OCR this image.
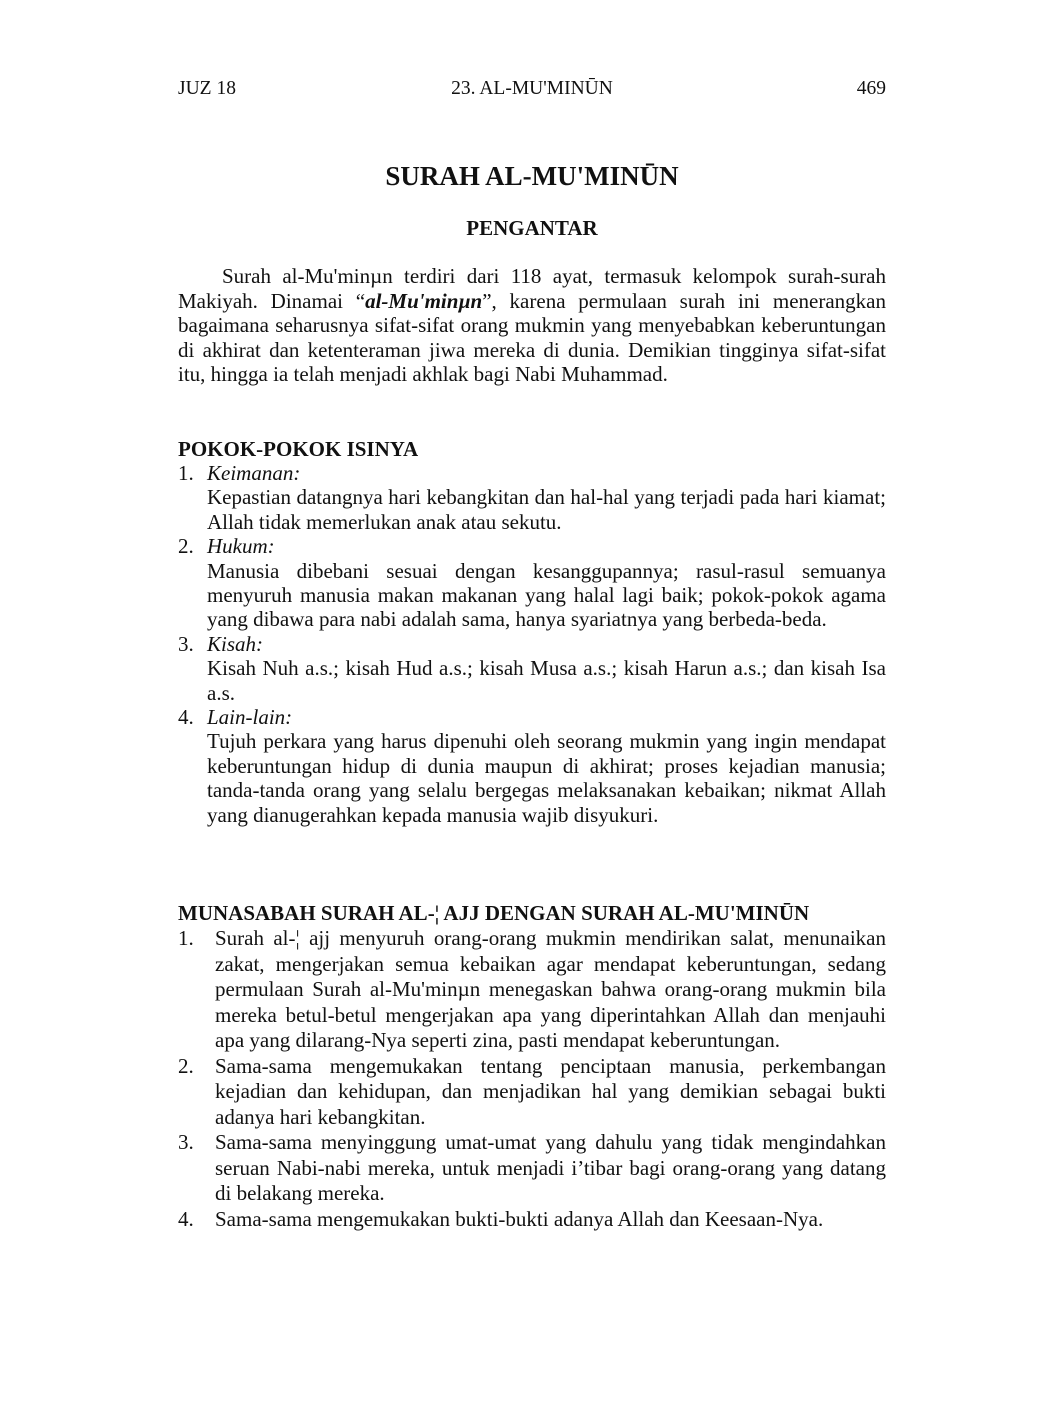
JUZ 18	23. AL-MU'MINŪN	469
SURAH AL-MU'MINŪN
PENGANTAR

Surah al-Mu'minµn terdiri dari 118 ayat, termasuk kelompok surah-surah Makiyah. Dinamai “al-Mu'minµn”, karena permulaan surah ini menerangkan bagaimana seharusnya sifat-sifat orang mukmin yang menyebabkan keberuntungan di akhirat dan ketenteraman jiwa mereka di dunia. Demikian tingginya sifat-sifat itu, hingga ia telah menjadi akhlak bagi Nabi Muhammad.

POKOK-POKOK ISINYA
1. Keimanan:
Kepastian datangnya hari kebangkitan dan hal-hal yang terjadi pada hari kiamat; Allah tidak memerlukan anak atau sekutu.
2. Hukum:
Manusia dibebani sesuai dengan kesanggupannya; rasul-rasul semuanya menyuruh manusia makan makanan yang halal lagi baik; pokok-pokok agama yang dibawa para nabi adalah sama, hanya syariatnya yang berbeda-beda.
3. Kisah:
Kisah Nuh a.s.; kisah Hud a.s.; kisah Musa a.s.; kisah Harun a.s.; dan kisah Isa a.s.
4. Lain-lain:
Tujuh perkara yang harus dipenuhi oleh seorang mukmin yang ingin mendapat keberuntungan hidup di dunia maupun di akhirat; proses kejadian manusia; tanda-tanda orang yang selalu bergegas melaksanakan kebaikan; nikmat Allah yang dianugerahkan kepada manusia wajib disyukuri.
MUNASABAH SURAH AL-¦ AJJ DENGAN SURAH AL-MU'MINŪN
1. Surah al-¦ ajj menyuruh orang-orang mukmin mendirikan salat, menunaikan zakat, mengerjakan semua kebaikan agar mendapat keberuntungan, sedang permulaan Surah al-Mu'minµn menegaskan bahwa orang-orang mukmin bila mereka betul-betul mengerjakan apa yang diperintahkan Allah dan menjauhi apa yang dilarang-Nya seperti zina, pasti mendapat keberuntungan.
2. Sama-sama mengemukakan tentang penciptaan manusia, perkembangan kejadian dan kehidupan, dan menjadikan hal yang demikian sebagai bukti adanya hari kebangkitan.
3. Sama-sama menyinggung umat-umat yang dahulu yang tidak mengindahkan seruan Nabi-nabi mereka, untuk menjadi i’tibar bagi orang-orang yang datang di belakang mereka.
4. Sama-sama mengemukakan bukti-bukti adanya Allah dan Keesaan-Nya.
